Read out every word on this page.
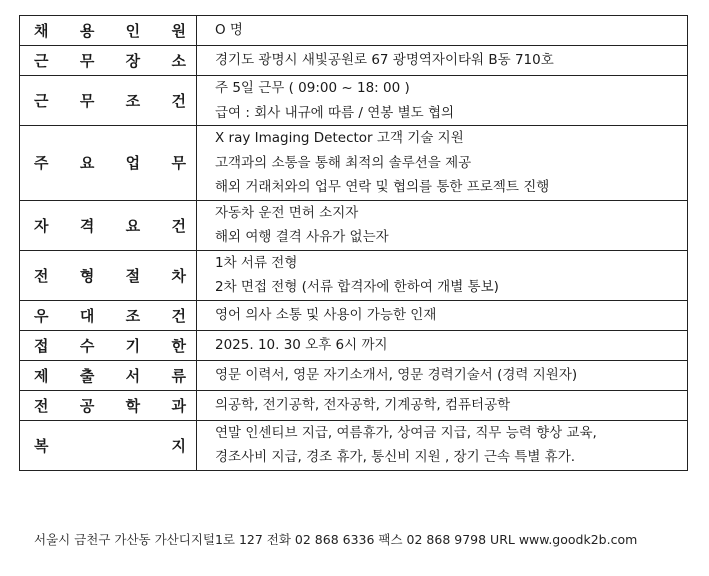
채 용 인 원	O 명

근 무 장 소	경기도 광명시 새빛공원로 67 광명역자이타워 B동 710호

근 무 조 건	주 5일 근무 ( 09:00 ~ 18: 00 )
급여 : 회사 내규에 따름 / 연봉 별도 협의

주 요 업 무	X ray Imaging Detector 고객 기술 지원
고객과의 소통을 통해 최적의 솔루션을 제공
해외 거래처와의 업무 연락 및 협의를 통한 프로젝트 진행

자 격 요 건	자동차 운전 면허 소지자
해외 여행 결격 사유가 없는자

전 형 절 차	1차 서류 전형
2차 면접 전형 (서류 합격자에 한하여 개별 통보)

우 대 조 건	영어 의사 소통 및 사용이 가능한 인재

접 수 기 한	2025. 10. 30 오후 6시 까지

제 출 서 류	영문 이력서, 영문 자기소개서, 영문 경력기술서 (경력 지원자)

전 공 학 과	의공학, 전기공학, 전자공학, 기계공학, 컴퓨터공학

복 지	연말 인센티브 지급, 여름휴가, 상여금 지급, 직무 능력 향상 교육,
경조사비 지급, 경조 휴가, 통신비 지원 , 장기 근속 특별 휴가.
서울시 금천구 가산동 가산디지털1로 127 전화 02 868 6336 팩스 02 868 9798 URL www.goodk2b.com
